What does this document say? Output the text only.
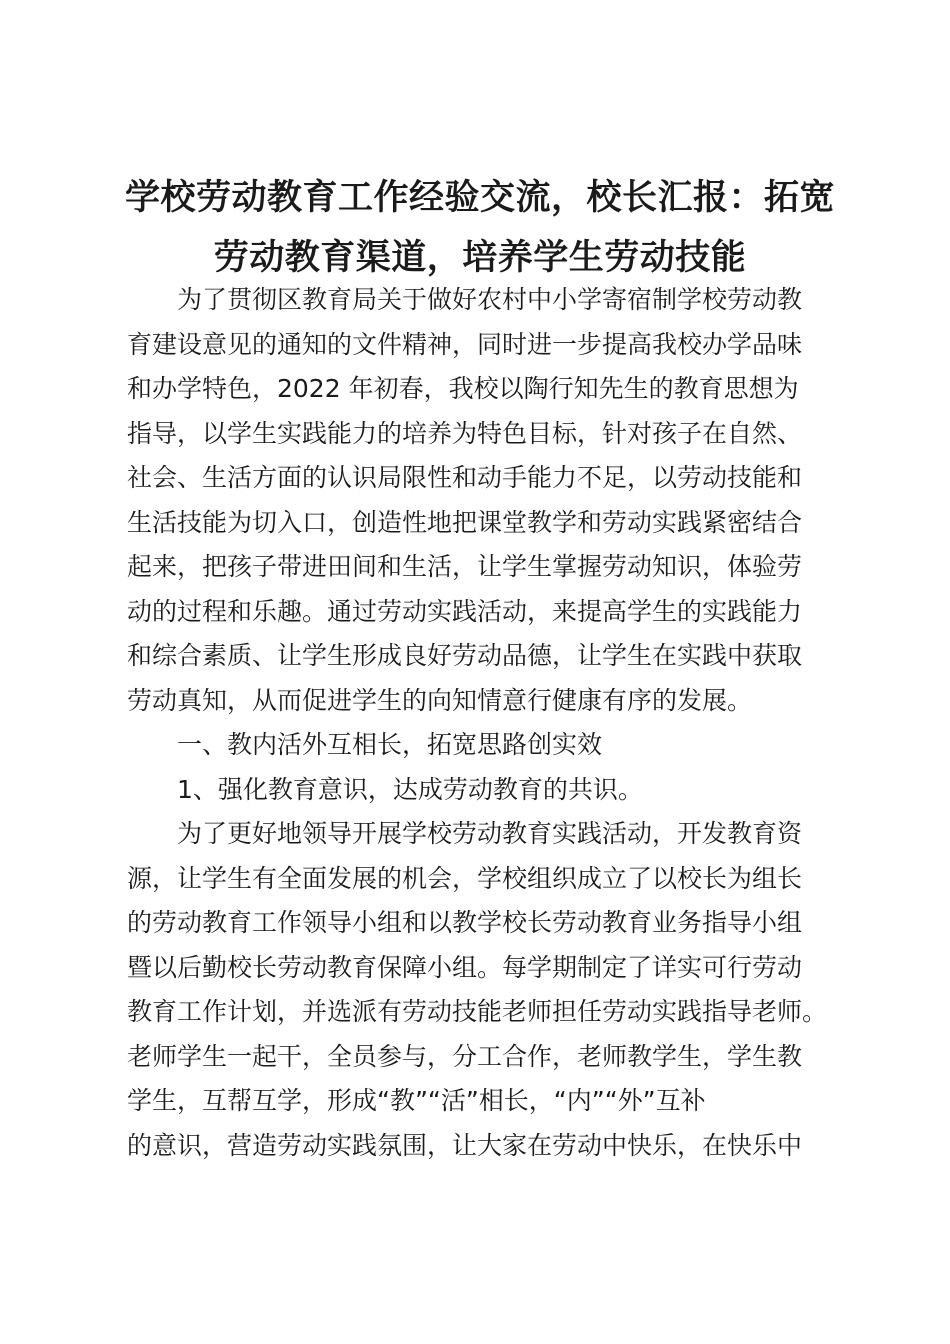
学校劳动教育工作经验交流，校长汇报：拓宽
劳动教育渠道，培养学生劳动技能
为了贯彻区教育局关于做好农村中小学寄宿制学校劳动教
育建设意见的通知的文件精神，同时进一步提高我校办学品味
和办学特色，2022 年初春，我校以陶行知先生的教育思想为
指导，以学生实践能力的培养为特色目标，针对孩子在自然、
社会、生活方面的认识局限性和动手能力不足，以劳动技能和
生活技能为切入口，创造性地把课堂教学和劳动实践紧密结合
起来，把孩子带进田间和生活，让学生掌握劳动知识，体验劳
动的过程和乐趣。通过劳动实践活动，来提高学生的实践能力
和综合素质、让学生形成良好劳动品德，让学生在实践中获取
劳动真知，从而促进学生的向知情意行健康有序的发展。
一、教内活外互相长，拓宽思路创实效
1、强化教育意识，达成劳动教育的共识。
为了更好地领导开展学校劳动教育实践活动，开发教育资
源，让学生有全面发展的机会，学校组织成立了以校长为组长
的劳动教育工作领导小组和以教学校长劳动教育业务指导小组
暨以后勤校长劳动教育保障小组。每学期制定了详实可行劳动
教育工作计划，并选派有劳动技能老师担任劳动实践指导老师。
老师学生一起干，全员参与，分工合作，老师教学生，学生教
学生，互帮互学，形成“教”“活”相长，“内”“外”互补
的意识，营造劳动实践氛围，让大家在劳动中快乐，在快乐中
